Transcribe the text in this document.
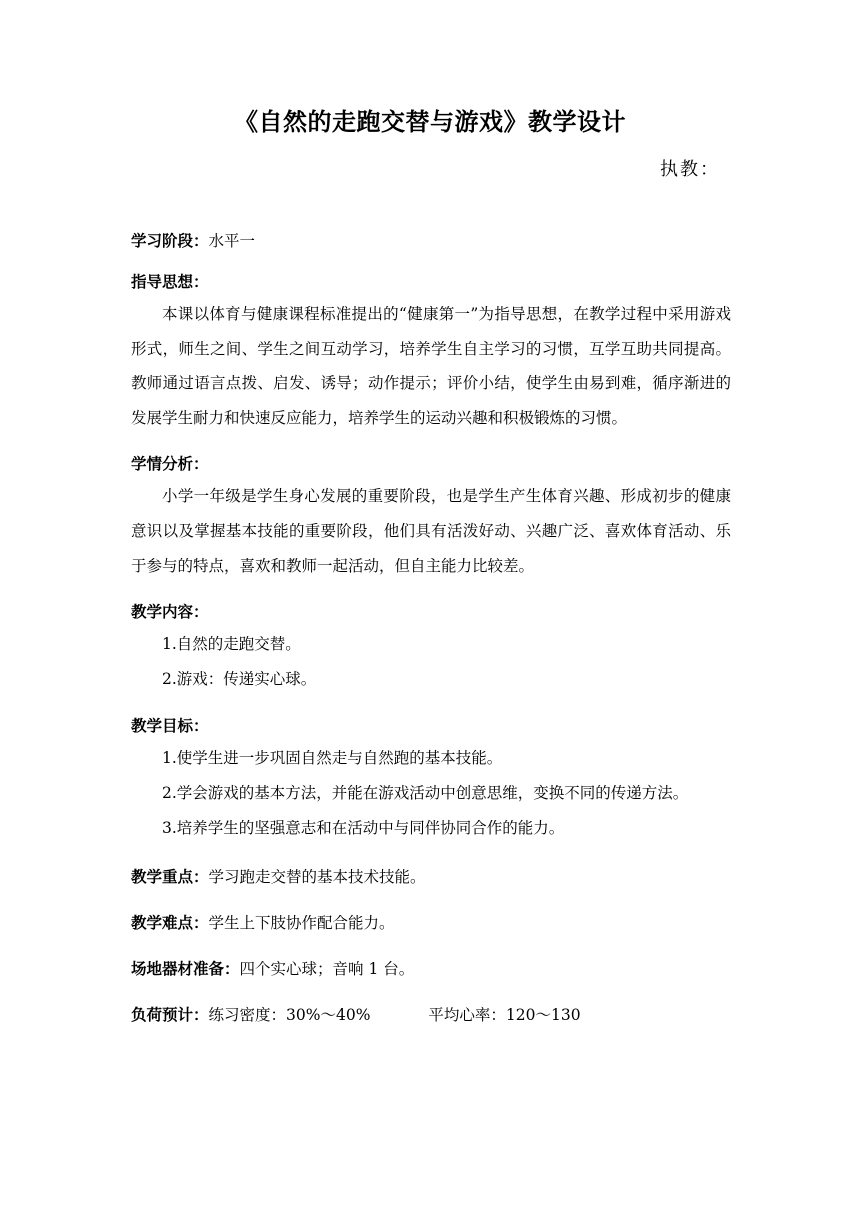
《自然的走跑交替与游戏》教学设计
执教：
学习阶段：水平一
指导思想：
本课以体育与健康课程标准提出的“健康第一”为指导思想，在教学过程中采用游戏形式，师生之间、学生之间互动学习，培养学生自主学习的习惯，互学互助共同提高。教师通过语言点拨、启发、诱导；动作提示；评价小结，使学生由易到难，循序渐进的发展学生耐力和快速反应能力，培养学生的运动兴趣和积极锻炼的习惯。
学情分析：
小学一年级是学生身心发展的重要阶段，也是学生产生体育兴趣、形成初步的健康意识以及掌握基本技能的重要阶段，他们具有活泼好动、兴趣广泛、喜欢体育活动、乐于参与的特点，喜欢和教师一起活动，但自主能力比较差。
教学内容：
1.自然的走跑交替。
2.游戏：传递实心球。
教学目标：
1.使学生进一步巩固自然走与自然跑的基本技能。
2.学会游戏的基本方法，并能在游戏活动中创意思维，变换不同的传递方法。
3.培养学生的坚强意志和在活动中与同伴协同合作的能力。
教学重点：学习跑走交替的基本技术技能。
教学难点：学生上下肢协作配合能力。
场地器材准备：四个实心球；音响 1 台。
负荷预计：练习密度：30%～40%	平均心率：120～130
